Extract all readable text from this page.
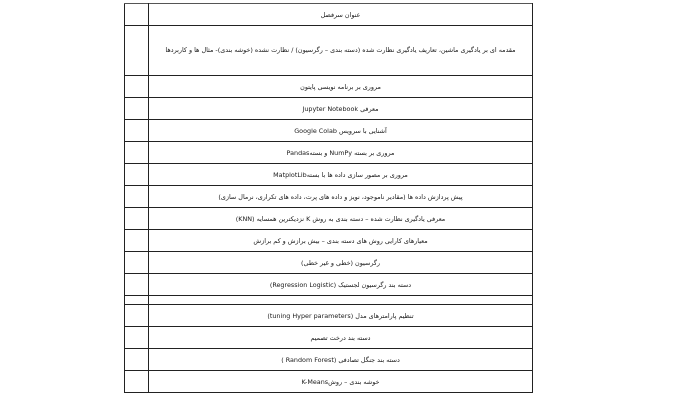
	عنوان سرفصل
	مقدمه ای بر یادگیری ماشین، تعاریف یادگیری نظارت شده (دسته بندی – رگرسیون) / نظارت نشده (خوشه بندی)- مثال ها و کاربردها
	مروری بر برنامه نویسی پایتون
	معرفی Jupyter Notebook
	آشنایی با سرویس Google Colab
	مروری بر بسته NumPy و بستهPandas
	مروری بر مصور سازی داده ها با بستهMatplotLib
	پیش پردازش داده ها (مقادیر ناموجود، نویز و داده های پرت، داده های تکراری، نرمال سازی)
	معرفی یادگیری نظارت شده – دسته بندی به روش K نزدیکترین همسایه (KNN)
	معیارهای کارایی روش های دسته بندی – بیش برازش و کم برازش
	رگرسیون (خطی و غیر خطی)
	دسته بند رگرسیون لجستیک (Regression Logistic)

	تنظیم پارامترهای مدل (tuning Hyper parameters)
	دسته بند درخت تصمیم
	دسته بند جنگل تصادفی (Random Forest )
	خوشه بندی – روشK-Means
